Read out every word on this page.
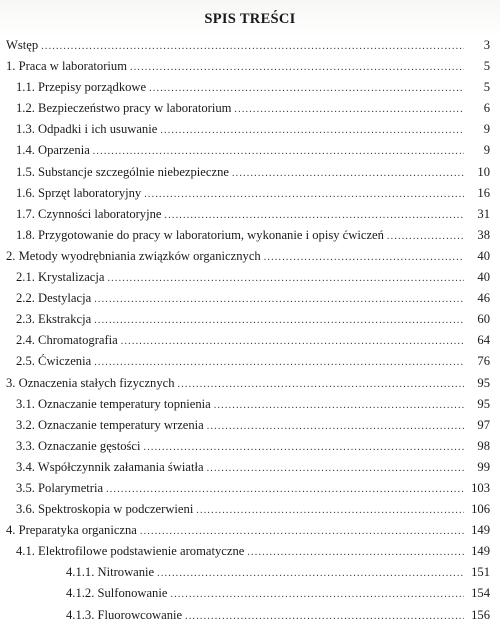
SPIS TREŚCI
Wstęp .....	3
1. Praca w laboratorium .....	5
1.1. Przepisy porządkowe .....	5
1.2. Bezpieczeństwo pracy w laboratorium .....	6
1.3. Odpadki i ich usuwanie .....	9
1.4. Oparzenia .....	9
1.5. Substancje szczególnie niebezpieczne .....	10
1.6. Sprzęt laboratoryjny .....	16
1.7. Czynności laboratoryjne .....	31
1.8. Przygotowanie do pracy w laboratorium, wykonanie i opisy ćwiczeń .....	38
2. Metody wyodrębniania związków organicznych .....	40
2.1. Krystalizacja .....	40
2.2. Destylacja .....	46
2.3. Ekstrakcja .....	60
2.4. Chromatografia .....	64
2.5. Ćwiczenia .....	76
3. Oznaczenia stałych fizycznych .....	95
3.1. Oznaczanie temperatury topnienia .....	95
3.2. Oznaczanie temperatury wrzenia .....	97
3.3. Oznaczanie gęstości .....	98
3.4. Współczynnik załamania światła .....	99
3.5. Polarymetria .....	103
3.6. Spektroskopia w podczerwieni .....	106
4. Preparatyka organiczna .....	149
4.1. Elektrofilowe podstawienie aromatyczne .....	149
4.1.1. Nitrowanie .....	151
4.1.2. Sulfonowanie .....	154
4.1.3. Fluorowcowanie .....	156
